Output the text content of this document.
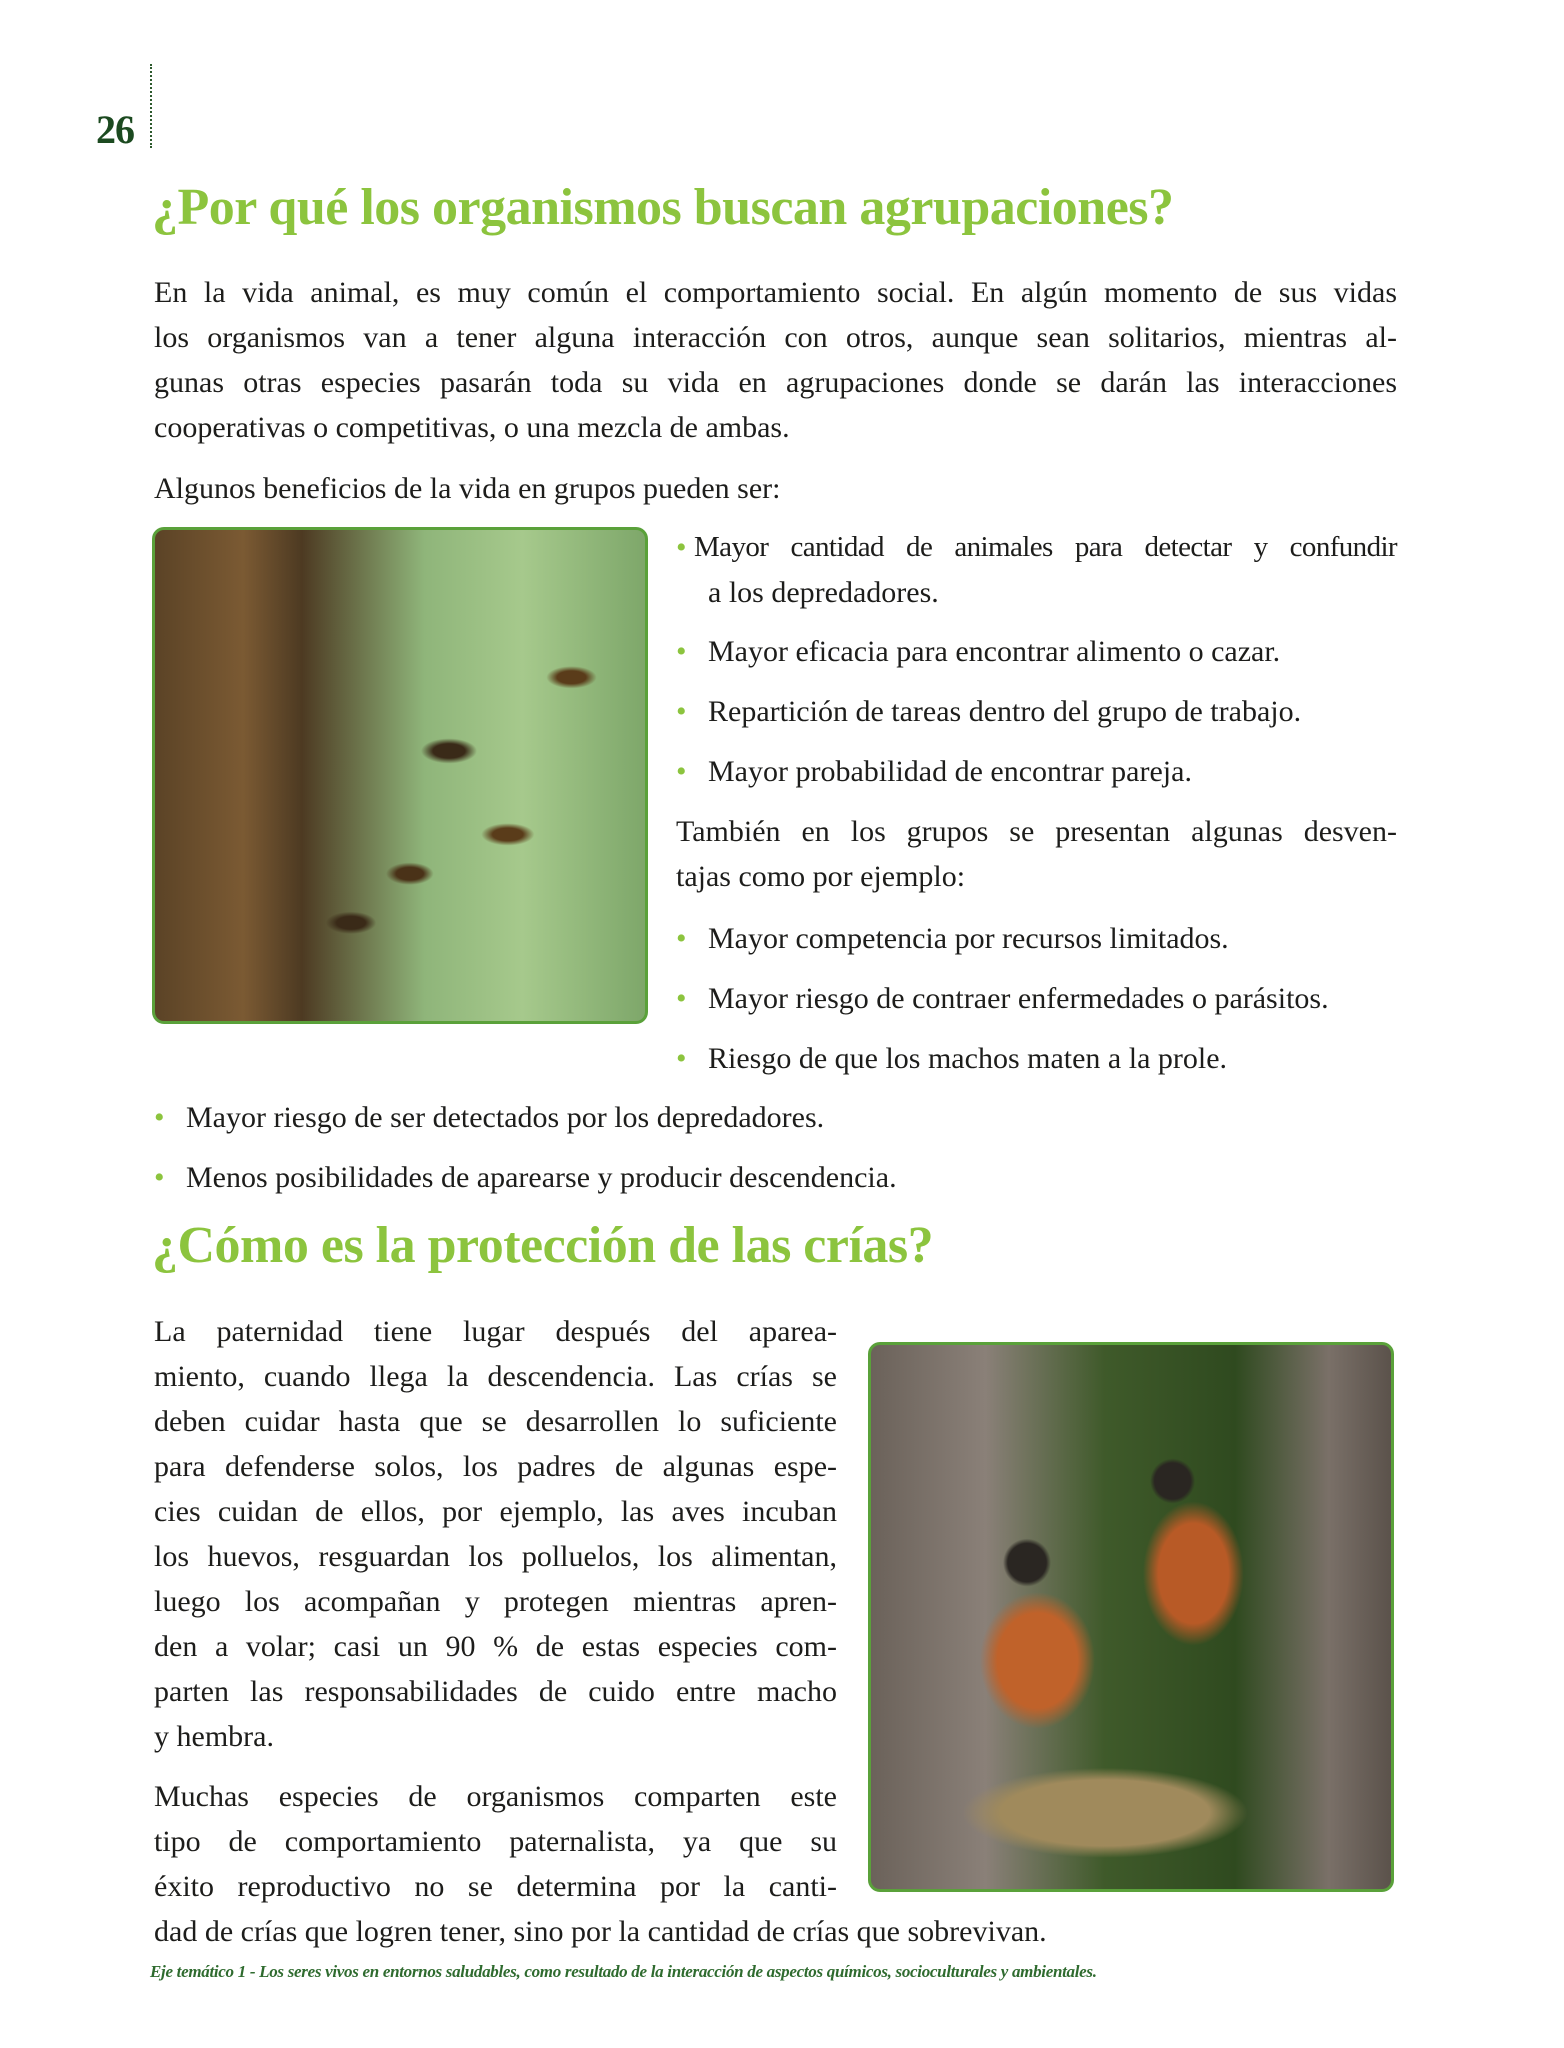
26
¿Por qué los organismos buscan agrupaciones?
En la vida animal, es muy común el comportamiento social. En algún momento de sus vidas
los organismos van a tener alguna interacción con otros, aunque sean solitarios, mientras al-
gunas otras especies pasarán toda su vida en agrupaciones donde se darán las interacciones
cooperativas o competitivas, o una mezcla de ambas.
Algunos beneficios de la vida en grupos pueden ser:
• Mayor cantidad de animales para detectar y confundir
a los depredadores.
• Mayor eficacia para encontrar alimento o cazar.
• Repartición de tareas dentro del grupo de trabajo.
• Mayor probabilidad de encontrar pareja.
También en los grupos se presentan algunas desven-
tajas como por ejemplo:
• Mayor competencia por recursos limitados.
• Mayor riesgo de contraer enfermedades o parásitos.
• Riesgo de que los machos maten a la prole.
• Mayor riesgo de ser detectados por los depredadores.
• Menos posibilidades de aparearse y producir descendencia.
¿Cómo es la protección de las crías?
La paternidad tiene lugar después del aparea-
miento, cuando llega la descendencia. Las crías se
deben cuidar hasta que se desarrollen lo suficiente
para defenderse solos, los padres de algunas espe-
cies cuidan de ellos, por ejemplo, las aves incuban
los huevos, resguardan los polluelos, los alimentan,
luego los acompañan y protegen mientras apren-
den a volar; casi un 90 % de estas especies com-
parten las responsabilidades de cuido entre macho
y hembra.
Muchas especies de organismos comparten este
tipo de comportamiento paternalista, ya que su
éxito reproductivo no se determina por la canti-
dad de crías que logren tener, sino por la cantidad de crías que sobrevivan.
Eje temático 1 - Los seres vivos en entornos saludables, como resultado de la interacción de aspectos químicos, socioculturales y ambientales.
